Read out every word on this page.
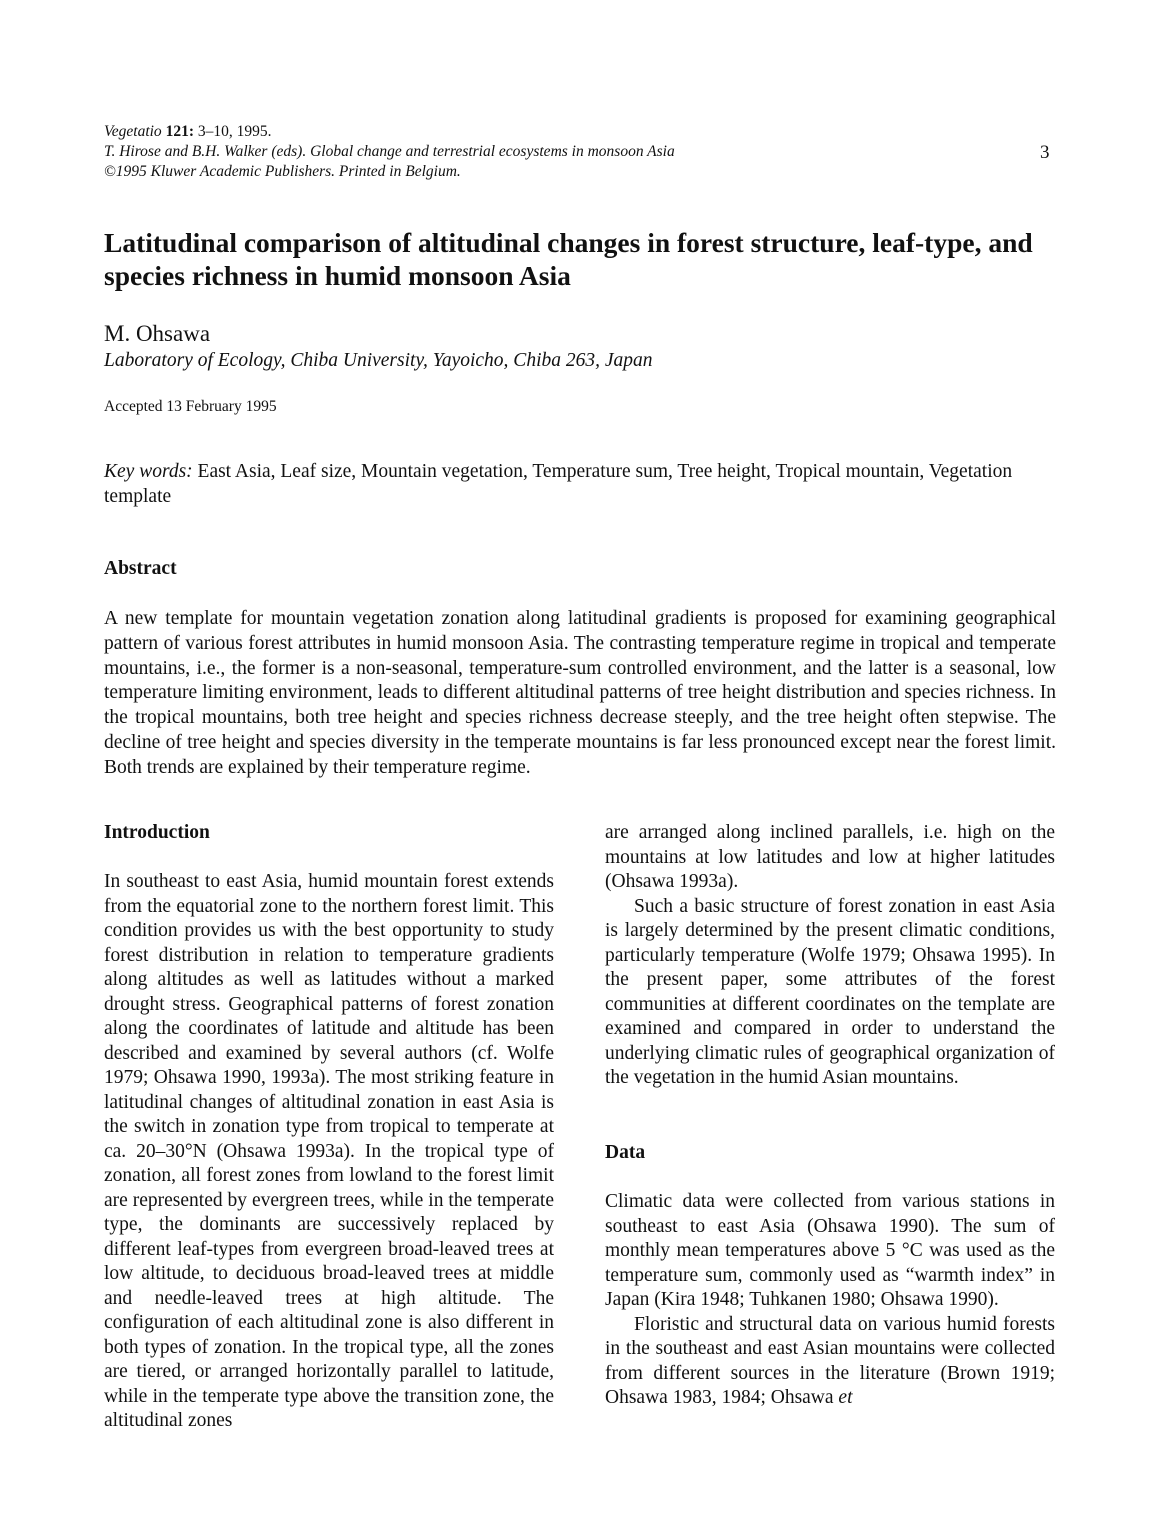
Vegetatio 121: 3–10, 1995.
T. Hirose and B.H. Walker (eds). Global change and terrestrial ecosystems in monsoon Asia
©1995 Kluwer Academic Publishers. Printed in Belgium.
3
Latitudinal comparison of altitudinal changes in forest structure, leaf-type, and species richness in humid monsoon Asia
M. Ohsawa
Laboratory of Ecology, Chiba University, Yayoicho, Chiba 263, Japan
Accepted 13 February 1995
Key words: East Asia, Leaf size, Mountain vegetation, Temperature sum, Tree height, Tropical mountain, Vegetation template
Abstract

A new template for mountain vegetation zonation along latitudinal gradients is proposed for examining geographical pattern of various forest attributes in humid monsoon Asia. The contrasting temperature regime in tropical and temperate mountains, i.e., the former is a non-seasonal, temperature-sum controlled environment, and the latter is a seasonal, low temperature limiting environment, leads to different altitudinal patterns of tree height distribution and species richness. In the tropical mountains, both tree height and species richness decrease steeply, and the tree height often stepwise. The decline of tree height and species diversity in the temperate mountains is far less pronounced except near the forest limit. Both trends are explained by their temperature regime.

Introduction

In southeast to east Asia, humid mountain forest extends from the equatorial zone to the northern forest limit. This condition provides us with the best opportunity to study forest distribution in relation to temperature gradients along altitudes as well as latitudes without a marked drought stress. Geographical patterns of forest zonation along the coordinates of latitude and altitude has been described and examined by several authors (cf. Wolfe 1979; Ohsawa 1990, 1993a). The most striking feature in latitudinal changes of altitudinal zonation in east Asia is the switch in zonation type from tropical to temperate at ca. 20–30°N (Ohsawa 1993a). In the tropical type of zonation, all forest zones from lowland to the forest limit are represented by evergreen trees, while in the temperate type, the dominants are successively replaced by different leaf-types from evergreen broad-leaved trees at low altitude, to deciduous broad-leaved trees at middle and needle-leaved trees at high altitude. The configuration of each altitudinal zone is also different in both types of zonation. In the tropical type, all the zones are tiered, or arranged horizontally parallel to latitude, while in the temperate type above the transition zone, the altitudinal zones

are arranged along inclined parallels, i.e. high on the mountains at low latitudes and low at higher latitudes (Ohsawa 1993a).

Such a basic structure of forest zonation in east Asia is largely determined by the present climatic conditions, particularly temperature (Wolfe 1979; Ohsawa 1995). In the present paper, some attributes of the forest communities at different coordinates on the template are examined and compared in order to understand the underlying climatic rules of geographical organization of the vegetation in the humid Asian mountains.

Data

Climatic data were collected from various stations in southeast to east Asia (Ohsawa 1990). The sum of monthly mean temperatures above 5 °C was used as the temperature sum, commonly used as “warmth index” in Japan (Kira 1948; Tuhkanen 1980; Ohsawa 1990).

Floristic and structural data on various humid forests in the southeast and east Asian mountains were collected from different sources in the literature (Brown 1919; Ohsawa 1983, 1984; Ohsawa et
